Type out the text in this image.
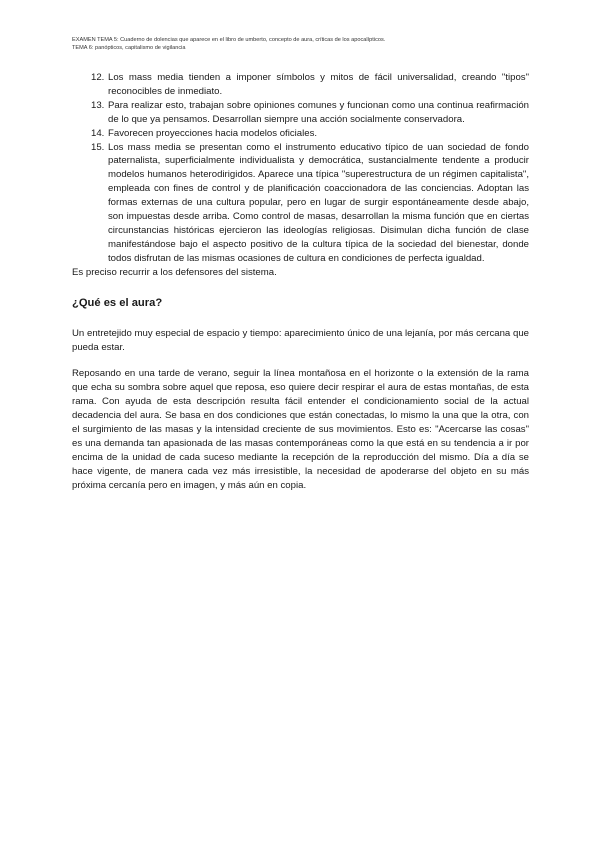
EXAMEN TEMA 5: Cuaderno de dolencias que aparece en el libro de umberto, concepto de aura, críticas de los apocalípticos.
TEMA 6: panópticos, capitalismo de vigilancia
12. Los mass media tienden a imponer símbolos y mitos de fácil universalidad, creando "tipos" reconocibles de inmediato.
13. Para realizar esto, trabajan sobre opiniones comunes y funcionan como una continua reafirmación de lo que ya pensamos. Desarrollan siempre una acción socialmente conservadora.
14. Favorecen proyecciones hacia modelos oficiales.
15. Los mass media se presentan como el instrumento educativo típico de uan sociedad de fondo paternalista, superficialmente individualista y democrática, sustancialmente tendente a producir modelos humanos heterodirigidos. Aparece una típica "superestructura de un régimen capitalista", empleada con fines de control y de planificación coaccionadora de las conciencias. Adoptan las formas externas de una cultura popular, pero en lugar de surgir espontáneamente desde abajo, son impuestas desde arriba. Como control de masas, desarrollan la misma función que en ciertas circunstancias históricas ejercieron las ideologías religiosas. Disimulan dicha función de clase manifestándose bajo el aspecto positivo de la cultura típica de la sociedad del bienestar, donde todos disfrutan de las mismas ocasiones de cultura en condiciones de perfecta igualdad.

Es preciso recurrir a los defensores del sistema.

¿Qué es el aura?

Un entretejido muy especial de espacio y tiempo: aparecimiento único de una lejanía, por más cercana que pueda estar.

Reposando en una tarde de verano, seguir la línea montañosa en el horizonte o la extensión de la rama que echa su sombra sobre aquel que reposa, eso quiere decir respirar el aura de estas montañas, de esta rama. Con ayuda de esta descripción resulta fácil entender el condicionamiento social de la actual decadencia del aura. Se basa en dos condiciones que están conectadas, lo mismo la una que la otra, con el surgimiento de las masas y la intensidad creciente de sus movimientos. Esto es: "Acercarse las cosas" es una demanda tan apasionada de las masas contemporáneas como la que está en su tendencia a ir por encima de la unidad de cada suceso mediante la recepción de la reproducción del mismo. Día a día se hace vigente, de manera cada vez más irresistible, la necesidad de apoderarse del objeto en su más próxima cercanía pero en imagen, y más aún en copia.
